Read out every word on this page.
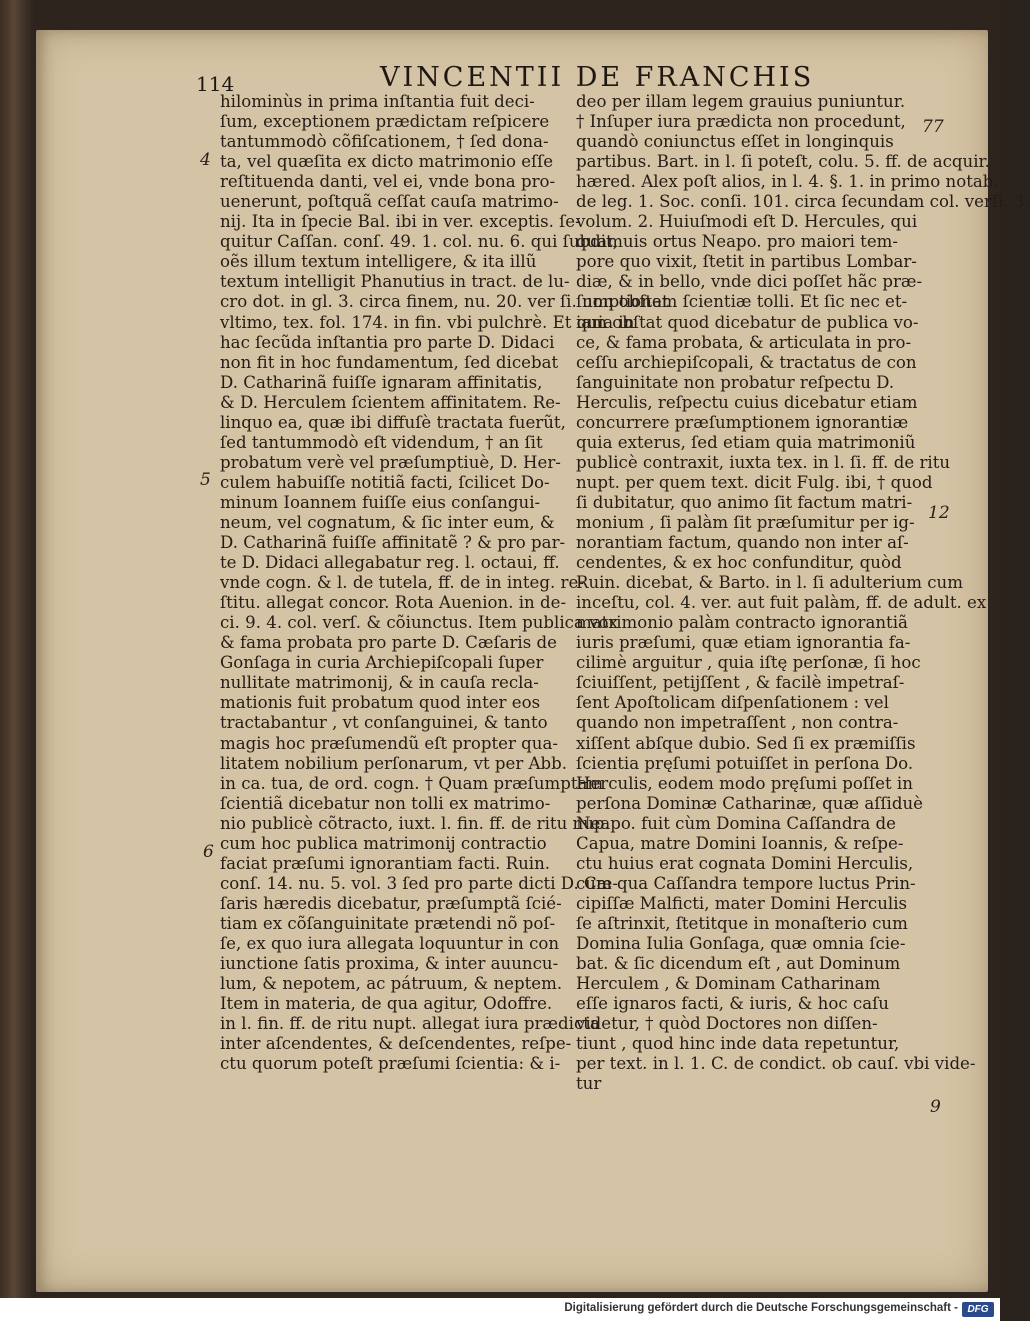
114	VINCENTII DE FRANCHIS
hilominùs in prima inſtantia fuit deci-
ſum, exceptionem prædictam reſpicere
tantummodò cõfiſcationem, † ſed dona-
ta, vel quæſita ex dicto matrimonio eſſe
reſtituenda danti, vel ei, vnde bona pro-
uenerunt, poſtquã ceſſat cauſa matrimo-
nij. Ita in ſpecie Bal. ibi in ver. exceptis. ſe-
quitur Caſſan. conſ. 49. 1. col. nu. 6. qui ſubdit,
oẽs illum textum intelligere, & ita illũ
textum intelligit Phanutius in tract. de lu-
cro dot. in gl. 3. circa finem, nu. 20. ver ſi. non obſtat
vltimo, tex. fol. 174. in fin. vbi pulchrè. Et quia in
hac ſecũda inſtantia pro parte D. Didaci
non fit in hoc fundamentum, ſed dicebat
D. Catharinã fuiſſe ignaram affinitatis,
& D. Herculem ſcientem affinitatem. Re-
linquo ea, quæ ibi diffuſè tractata fuerũt,
ſed tantummodò eſt videndum, † an ſit
probatum verè vel præſumptiuè, D. Her-
culem habuiſſe notitiã facti, ſcilicet Do-
minum Ioannem fuiſſe eius conſangui-
neum, vel cognatum, & ſic inter eum, &
D. Catharinã fuiſſe affinitatẽ ? & pro par-
te D. Didaci allegabatur reg. l. octaui, ff.
vnde cogn. & l. de tutela, ff. de in integ. re-
ſtitu. allegat concor. Rota Auenion. in de-
ci. 9. 4. col. verſ. & cõiunctus. Item publica vox
& fama probata pro parte D. Cæſaris de
Gonſaga in curia Archiepiſcopali ſuper
nullitate matrimonij, & in cauſa recla-
mationis fuit probatum quod inter eos
tractabantur , vt conſanguinei, & tanto
magis hoc præſumendũ eſt propter qua-
litatem nobilium perſonarum, vt per Abb.
in ca. tua, de ord. cogn. † Quam præſumptam
ſcientiã dicebatur non tolli ex matrimo-
nio publicè cõtracto, iuxt. l. fin. ff. de ritu nup.
cum hoc publica matrimonij contractio
faciat præſumi ignorantiam facti. Ruin.
conſ. 14. nu. 5. vol. 3 ſed pro parte dicti D. Cæ-
ſaris hæredis dicebatur, præſumptã ſcié-
tiam ex cõſanguinitate prætendi nõ poſ-
ſe, ex quo iura allegata loquuntur in con
iunctione ſatis proxima, & inter auuncu-
lum, & nepotem, ac pátruum, & neptem.
Item in materia, de qua agitur, Odoffre.
in l. fin. ff. de ritu nupt. allegat iura prædicta
inter aſcendentes, & deſcendentes, reſpe-
ctu quorum poteſt præſumi ſcientia: & i-
deo per illam legem grauius puniuntur.
† Inſuper iura prædicta non procedunt,
quandò coniunctus eſſet in longinquis
partibus. Bart. in l. ſi poteſt, colu. 5. ff. de acquir.
hæred. Alex poſt alios, in l. 4. §. 1. in primo notab.
de leg. 1. Soc. conſi. 101. circa ſecundam col. verſi. 3.
volum. 2. Huiuſmodi eſt D. Hercules, qui
quamuis ortus Neapo. pro maiori tem-
pore quo vixit, ſtetit in partibus Lombar-
diæ, & in bello, vnde dici poſſet hãc præ-
ſumptionem ſcientiæ tolli. Et ſic nec et-
iam obſtat quod dicebatur de publica vo-
ce, & fama probata, & articulata in pro-
ceſſu archiepiſcopali, & tractatus de con
ſanguinitate non probatur reſpectu D.
Herculis, reſpectu cuius dicebatur etiam
concurrere præſumptionem ignorantiæ
quia exterus, ſed etiam quia matrimoniũ
publicè contraxit, iuxta tex. in l. ſi. ff. de ritu
nupt. per quem text. dicit Fulg. ibi, † quod
ſi dubitatur, quo animo ſit factum matri-
monium , ſi palàm ſit præſumitur per ig-
norantiam factum, quando non inter aſ-
cendentes, & ex hoc confunditur, quòd
Ruin. dicebat, & Barto. in l. ſi adulterium cum
inceſtu, col. 4. ver. aut fuit palàm, ff. de adult. ex
matrimonio palàm contracto ignorantiã
iuris præſumi, quæ etiam ignorantia fa-
cilimè arguitur , quia iſtę perſonæ, ſi hoc
ſciuiſſent, petijſſent , & facilè impetraſ-
ſent Apoſtolicam diſpenſationem : vel
quando non impetraſſent , non contra-
xiſſent abſque dubio. Sed ſi ex præmiſſis
ſcientia pręſumi potuiſſet in perſona Do.
Herculis, eodem modo pręſumi poſſet in
perſona Dominæ Catharinæ, quæ aſſiduè
Neapo. fuit cùm Domina Caſſandra de
Capua, matre Domini Ioannis, & reſpe-
ctu huius erat cognata Domini Herculis,
cum qua Caſſandra tempore luctus Prin-
cipiſſæ Malficti, mater Domini Herculis
ſe aſtrinxit, ſtetitque in monaſterio cum
Domina Iulia Gonſaga, quæ omnia ſcie-
bat. & ſic dicendum eſt , aut Dominum
Herculem , & Dominam Catharinam
eſſe ignaros facti, & iuris, & hoc caſu
videtur, † quòd Doctores non diſſen-
tiunt , quod hinc inde data repetuntur,
per text. in l. 1. C. de condict. ob cauſ. vbi vide-
tur
4
5
6
77
12
9
Digitalisierung gefördert durch die Deutsche Forschungsgemeinschaft - DFG
